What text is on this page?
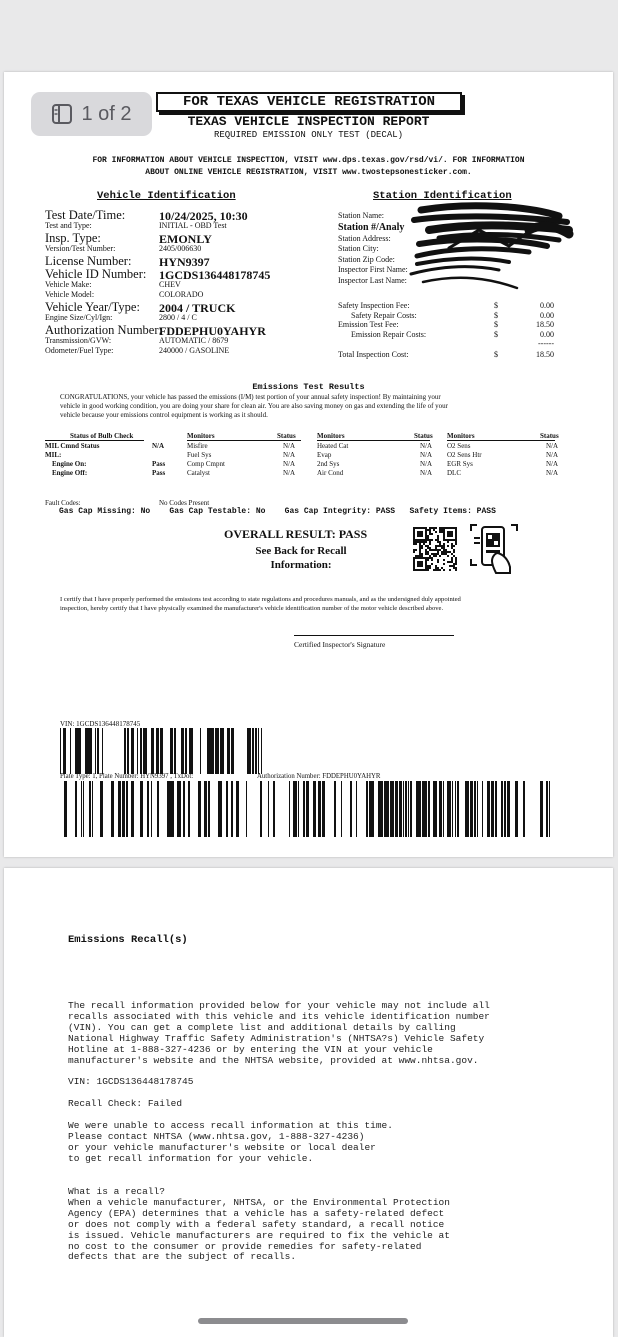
FOR TEXAS VEHICLE REGISTRATION
TEXAS VEHICLE INSPECTION REPORT
REQUIRED EMISSION ONLY TEST (DECAL)
FOR INFORMATION ABOUT VEHICLE INSPECTION, VISIT www.dps.texas.gov/rsd/vi/. FOR INFORMATION
ABOUT ONLINE VEHICLE REGISTRATION, VISIT www.twostepsonesticker.com.
Vehicle Identification	Station Identification
Emissions Test Results
CONGRATULATIONS, your vehicle has passed the emissions (I/M) test portion of your annual safety inspection! By maintaining your
vehicle in good working condition, you are doing your share for clean air. You are also saving money on gas and extending the life of your
vehicle because your emissions control equipment is working as it should.
Fault Codes:	No Codes Present
Gas Cap Missing: No    Gas Cap Testable: No    Gas Cap Integrity: PASS   Safety Items: PASS
OVERALL RESULT: PASS
See Back for Recall
Information:
I certify that I have properly performed the emissions test according to state regulations and procedures manuals, and as the undersigned duly appointed
inspection, hereby certify that I have physically examined the manufacturer's vehicle identification number of the motor vehicle described above.
Certified Inspector's Signature
VIN: 1GCDS136448178745
Plate Type: 1, Plate Number: HYN9397 , TxDot:	Authorization Number: FDDEPHU0YAHYR
Test Date/Time:	10/24/2025, 10:30
Test and Type:	INITIAL - OBD Test
Insp. Type:	EMONLY
Version/Test Number:	2405/006630
License Number: HYN9397
Vehicle ID Number: 1GCDS136448178745
Vehicle Make:	CHEV
Vehicle Model:	COLORADO
Vehicle Year/Type: 2004 / TRUCK
Engine Size/Cyl/Ign:	2800 / 4 / C
Authorization Number:
FDDEPHU0YAHYR
Transmission/GVW:	AUTOMATIC / 8679
Odometer/Fuel Type:	240000 / GASOLINE
Station Name:
Station #/Analy
Station Address:
Station City:
Station Zip Code:
Inspector First Name:
Inspector Last Name:
Safety Inspection Fee:	$	0.00
Safety Repair Costs:	$	0.00
Emission Test Fee:	$	18.50
Emission Repair Costs:	$	0.00
------
Total Inspection Cost:	$	18.50
Status of Bulb Check
MIL Cmnd Status	N/A
MIL:
Engine On:	Pass
Engine Off:	Pass
Monitors	Status
Misfire	N/A
Fuel Sys	N/A
Comp Cmpnt	N/A
Catalyst	N/A
Monitors	Status
Heated Cat	N/A
Evap	N/A
2nd Sys	N/A
Air Cond	N/A
Monitors	Status
O2 Sens	N/A
O2 Sens Htr	N/A
EGR Sys	N/A
DLC	N/A
Emissions Recall(s)
The recall information provided below for your vehicle may not include all
recalls associated with this vehicle and its vehicle identification number
(VIN). You can get a complete list and additional details by calling
National Highway Traffic Safety Administration's (NHTSA?s) Vehicle Safety
Hotline at 1-888-327-4236 or by entering the VIN at your vehicle
manufacturer's website and the NHTSA website, provided at www.nhtsa.gov.
VIN: 1GCDS136448178745
Recall Check: Failed
We were unable to access recall information at this time.
Please contact NHTSA (www.nhtsa.gov, 1-888-327-4236)
or your vehicle manufacturer's website or local dealer
to get recall information for your vehicle.
What is a recall?
When a vehicle manufacturer, NHTSA, or the Environmental Protection
Agency (EPA) determines that a vehicle has a safety-related defect
or does not comply with a federal safety standard, a recall notice
is issued. Vehicle manufacturers are required to fix the vehicle at
no cost to the consumer or provide remedies for safety-related
defects that are the subject of recalls.
1 of 2
